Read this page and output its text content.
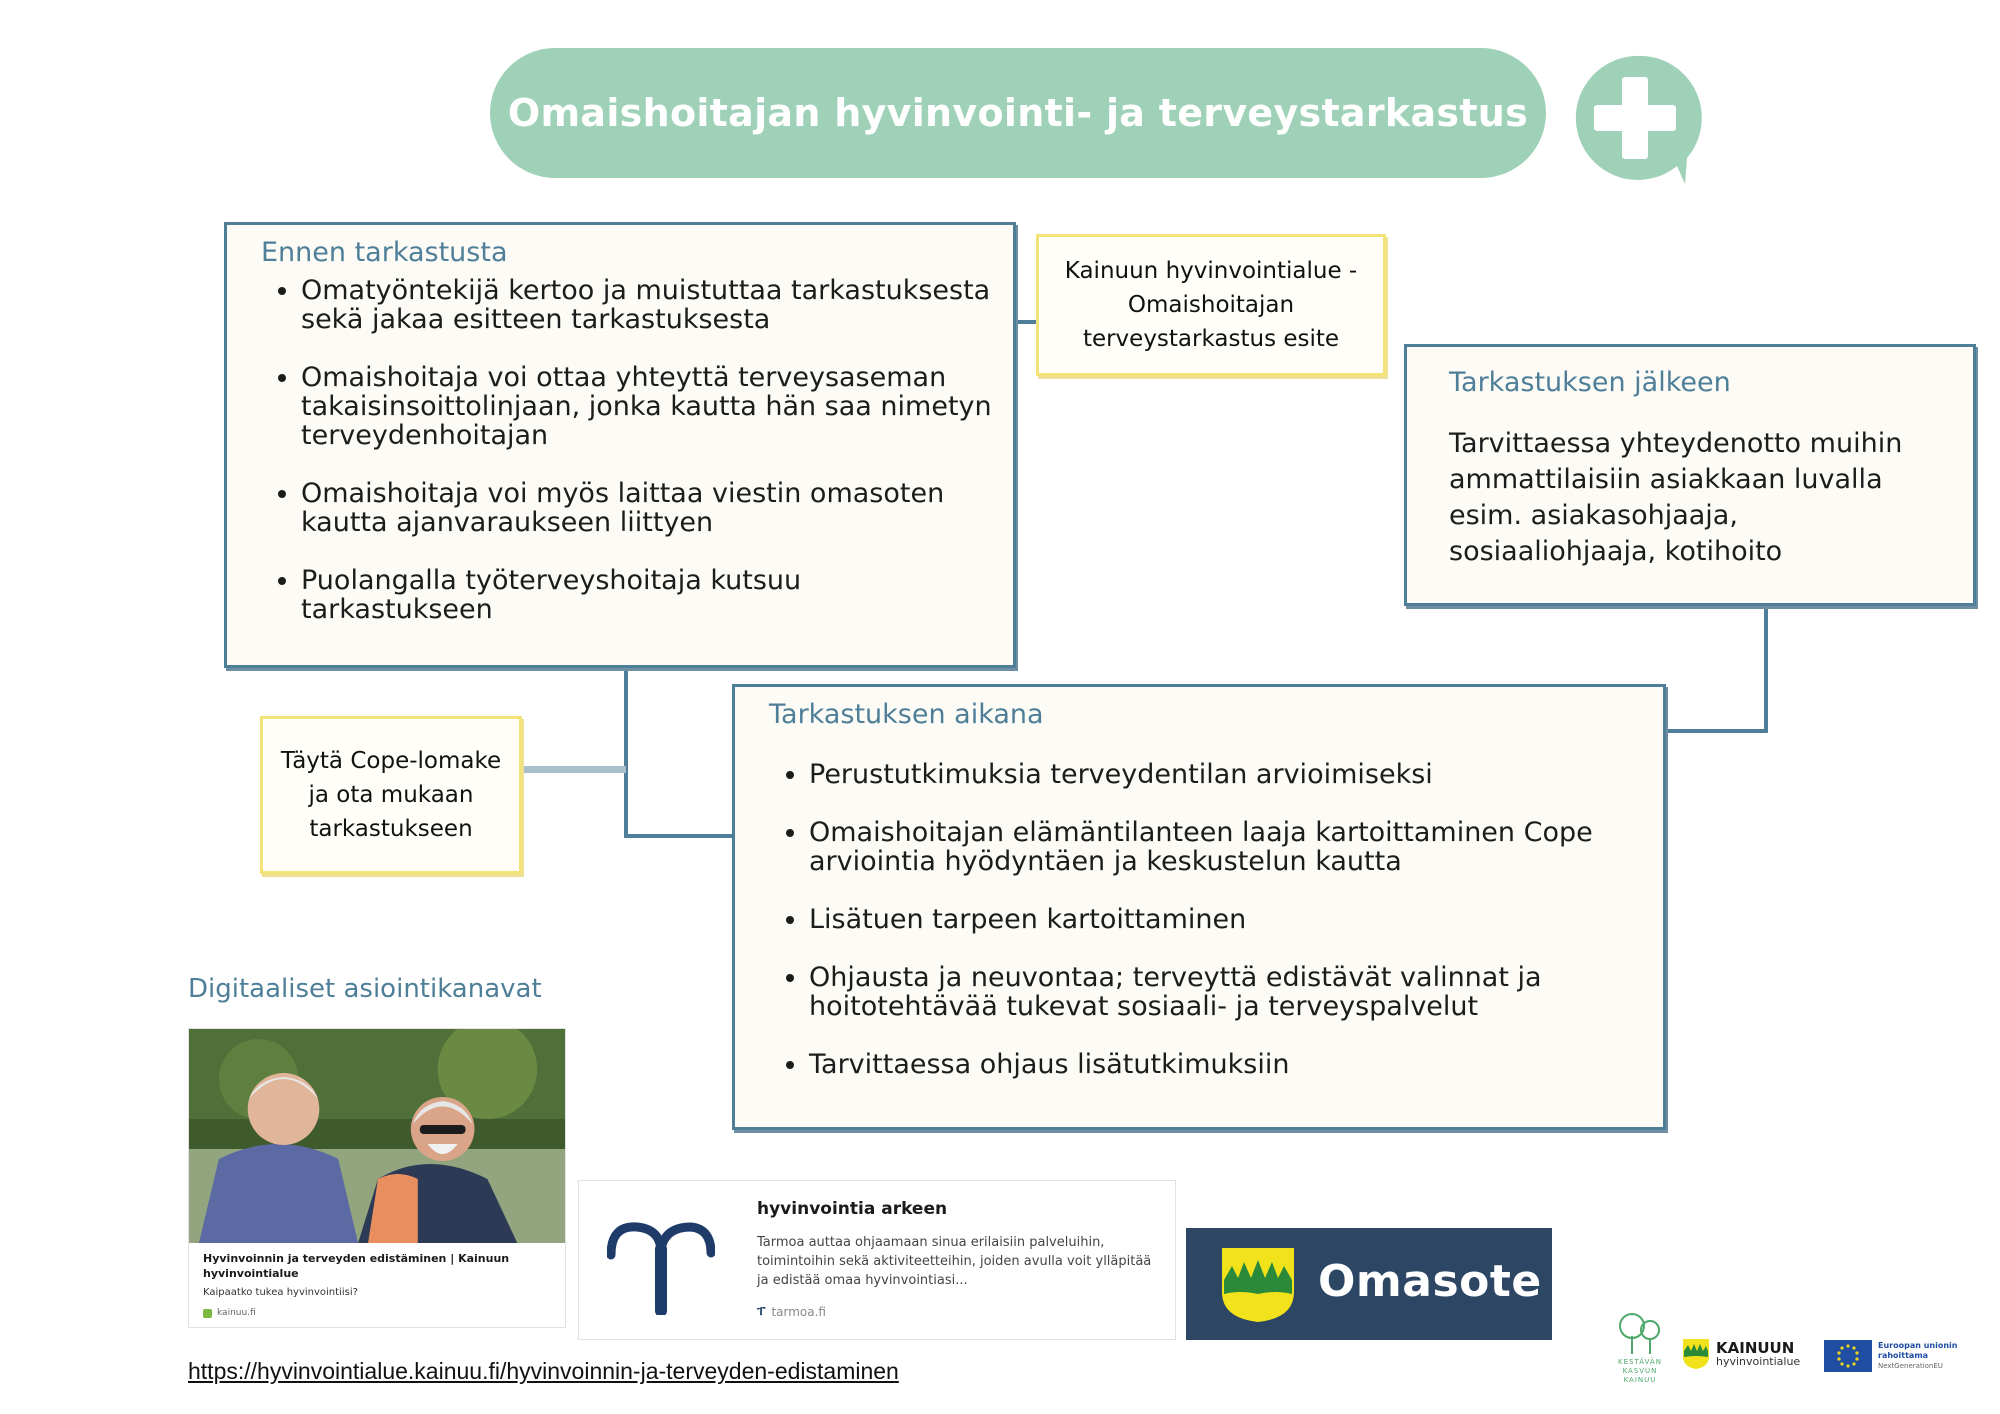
Omaishoitajan hyvinvointi- ja terveystarkastus
Ennen tarkastusta
• Omatyöntekijä kertoo ja muistuttaa tarkastuksesta sekä jakaa esitteen tarkastuksesta
• Omaishoitaja voi ottaa yhteyttä terveysaseman takaisinsoittolinjaan, jonka kautta hän saa nimetyn terveydenhoitajan
• Omaishoitaja voi myös laittaa viestin omasoten kautta ajanvaraukseen liittyen
• Puolangalla työterveyshoitaja kutsuu tarkastukseen
Kainuun hyvinvointialue - Omaishoitajan terveystarkastus esite
Tarkastuksen jälkeen

Tarvittaessa yhteydenotto muihin ammattilaisiin asiakkaan luvalla esim. asiakasohjaaja, sosiaaliohjaaja, kotihoito

Täytä Cope-lomake ja ota mukaan tarkastukseen
Tarkastuksen aikana
• Perustutkimuksia terveydentilan arvioimiseksi
• Omaishoitajan elämäntilanteen laaja kartoittaminen Cope arviointia hyödyntäen ja keskustelun kautta
• Lisätuen tarpeen kartoittaminen
• Ohjausta ja neuvontaa; terveyttä edistävät valinnat ja hoitotehtävää tukevat sosiaali- ja terveyspalvelut
• Tarvittaessa ohjaus lisätutkimuksiin
Digitaaliset asiointikanavat
Hyvinvoinnin ja terveyden edistäminen | Kainuun hyvinvointialue
Kaipaatko tukea hyvinvointiisi?
kainuu.fi
hyvinvointia arkeen
Tarmoa auttaa ohjaamaan sinua erilaisiin palveluihin, toimintoihin sekä aktiviteetteihin, joiden avulla voit ylläpitää ja edistää omaa hyvinvointiasi...
ፐ tarmoa.fi
Omasote
https://hyvinvointialue.kainuu.fi/hyvinvoinnin-ja-terveyden-edistaminen	KESTÄVÄN
KASVUN
KAINUU
KAINUUN
hyvinvointialue
Euroopan unionin
rahoittama
NextGenerationEU
